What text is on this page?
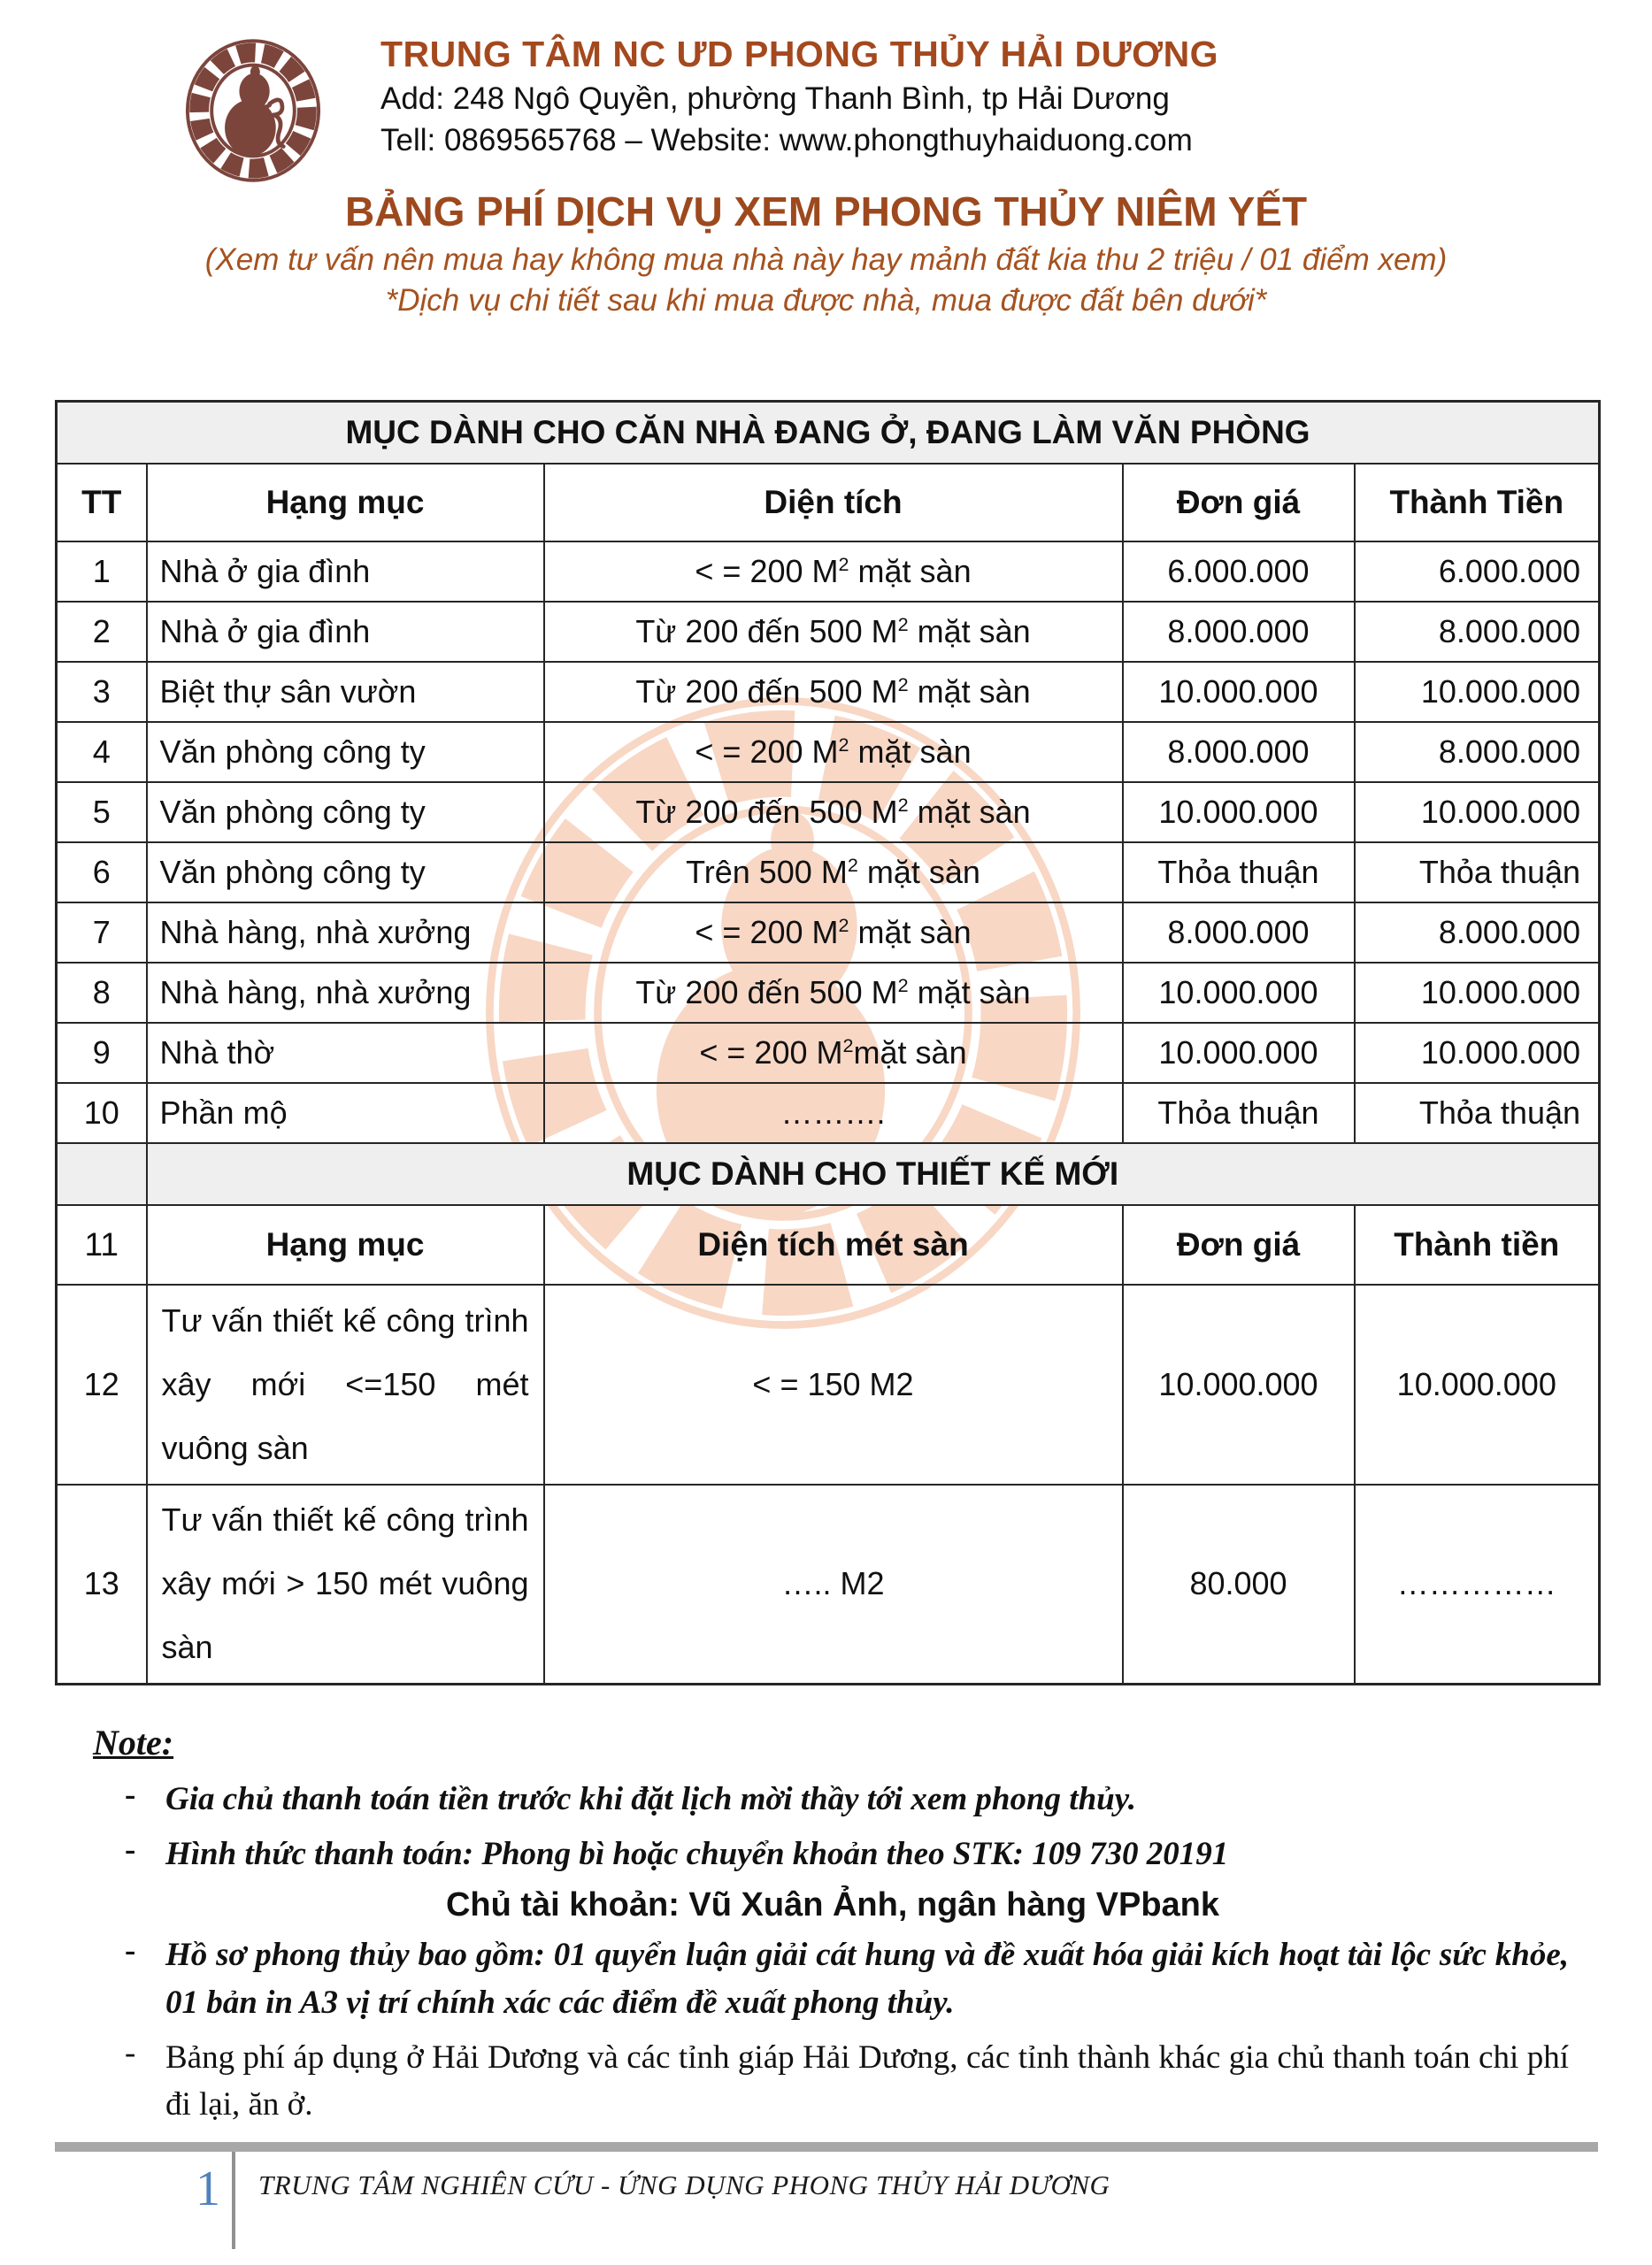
TRUNG TÂM NC ƯD PHONG THỦY HẢI DƯƠNG
Add: 248 Ngô Quyền, phường Thanh Bình, tp Hải Dương
Tell: 0869565768 – Website: www.phongthuyhaiduong.com
BẢNG PHÍ DỊCH VỤ XEM PHONG THỦY NIÊM YẾT
(Xem tư vấn nên mua hay không mua nhà này hay mảnh đất kia thu 2 triệu / 01 điểm xem)
*Dịch vụ chi tiết sau khi mua được nhà, mua được đất bên dưới*
MỤC DÀNH CHO CĂN NHÀ ĐANG Ở, ĐANG LÀM VĂN PHÒNG				
TT	Hạng mục	Diện tích	Đơn giá	Thành Tiền
1	Nhà ở gia đình	< = 200 $M^2$ mặt sàn	6.000.000	6.000.000
2	Nhà ở gia đình	Từ 200 đến 500 $M^2$ mặt sàn	8.000.000	8.000.000
3	Biệt thự sân vườn	Từ 200 đến 500 $M^2$ mặt sàn	10.000.000	10.000.000
4	Văn phòng công ty	< = 200 $M^2$ mặt sàn	8.000.000	8.000.000
5	Văn phòng công ty	Từ 200 đến 500 $M^2$ mặt sàn	10.000.000	10.000.000
6	Văn phòng công ty	Trên 500 $M^2$ mặt sàn	Thỏa thuận	Thỏa thuận
7	Nhà hàng, nhà xưởng	< = 200 $M^2$ mặt sàn	8.000.000	8.000.000
8	Nhà hàng, nhà xưởng	Từ 200 đến 500 $M^2$ mặt sàn	10.000.000	10.000.000
9	Nhà thờ	< = 200 $M^2mặt$ sàn	10.000.000	10.000.000
10	Phần mộ	……….	Thỏa thuận	Thỏa thuận
	MỤC DÀNH CHO THIẾT KẾ MỚI			
11	Hạng mục	Diện tích mét sàn	Đơn giá	Thành tiền
12	Tư vấn thiết kế công trình xây mới <=150 mét vuông sàn	< = 150 M2	10.000.000	10.000.000
13	Tư vấn thiết kế công trình xây mới > 150 mét vuông sàn	….. M2	80.000	……………
Note:
- Gia chủ thanh toán tiền trước khi đặt lịch mời thầy tới xem phong thủy.
- Hình thức thanh toán: Phong bì hoặc chuyển khoản theo STK: 109 730 20191
Chủ tài khoản: Vũ Xuân Ảnh, ngân hàng VPbank
- Hồ sơ phong thủy bao gồm: 01 quyển luận giải cát hung và đề xuất hóa giải kích hoạt tài lộc sức khỏe, 01 bản in A3 vị trí chính xác các điểm đề xuất phong thủy.
- Bảng phí áp dụng ở Hải Dương và các tỉnh giáp Hải Dương, các tỉnh thành khác gia chủ thanh toán chi phí đi lại, ăn ở.
1 TRUNG TÂM NGHIÊN CỨU - ỨNG DỤNG PHONG THỦY HẢI DƯƠNG
